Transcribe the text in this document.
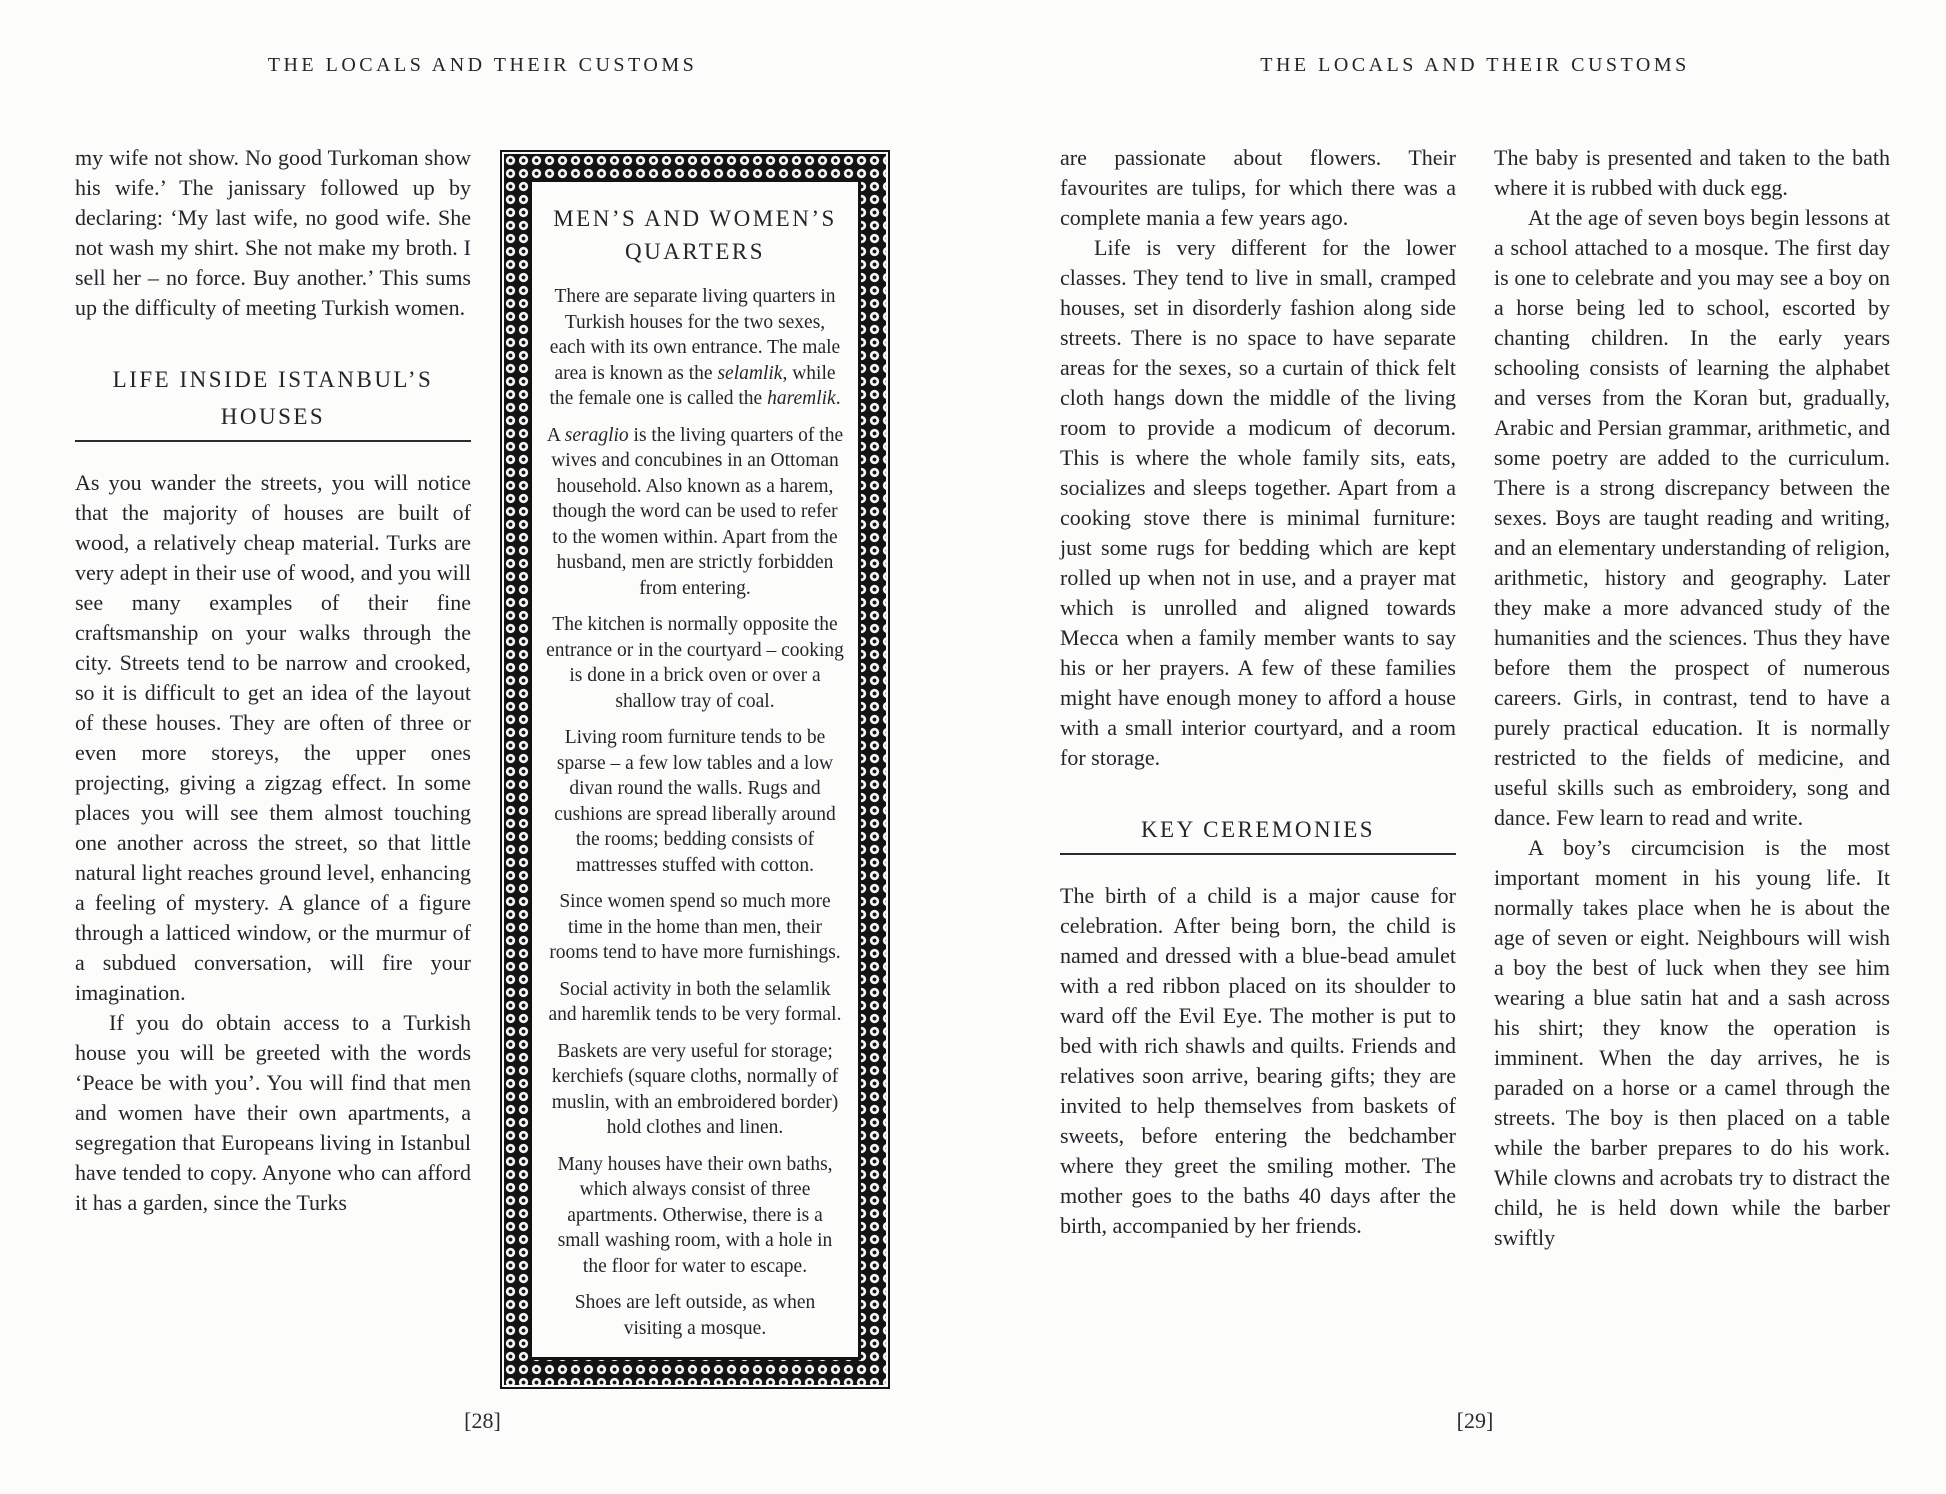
THE LOCALS AND THEIR CUSTOMS

my wife not show. No good Turkoman show his wife.’ The janissary followed up by declaring: ‘My last wife, no good wife. She not wash my shirt. She not make my broth. I sell her – no force. Buy another.’ This sums up the difficulty of meeting Turkish women.

LIFE INSIDE ISTANBUL’S HOUSES

As you wander the streets, you will notice that the majority of houses are built of wood, a relatively cheap material. Turks are very adept in their use of wood, and you will see many examples of their fine craftsmanship on your walks through the city. Streets tend to be narrow and crooked, so it is difficult to get an idea of the layout of these houses. They are often of three or even more storeys, the upper ones projecting, giving a zigzag effect. In some places you will see them almost touching one another across the street, so that little natural light reaches ground level, enhancing a feeling of mystery. A glance of a figure through a latticed window, or the murmur of a subdued conversation, will fire your imagination.

If you do obtain access to a Turkish house you will be greeted with the words ‘Peace be with you’. You will find that men and women have their own apartments, a segregation that Europeans living in Istanbul have tended to copy. Anyone who can afford it has a garden, since the Turks

MEN’S AND WOMEN’S QUARTERS

There are separate living quarters in Turkish houses for the two sexes, each with its own entrance. The male area is known as the selamlik, while the female one is called the haremlik.

A seraglio is the living quarters of the wives and concubines in an Ottoman household. Also known as a harem, though the word can be used to refer to the women within. Apart from the husband, men are strictly forbidden from entering.

The kitchen is normally opposite the entrance or in the courtyard – cooking is done in a brick oven or over a shallow tray of coal.

Living room furniture tends to be sparse – a few low tables and a low divan round the walls. Rugs and cushions are spread liberally around the rooms; bedding consists of mattresses stuffed with cotton.

Since women spend so much more time in the home than men, their rooms tend to have more furnishings.

Social activity in both the selamlik and haremlik tends to be very formal.

Baskets are very useful for storage; kerchiefs (square cloths, normally of muslin, with an embroidered border) hold clothes and linen.

Many houses have their own baths, which always consist of three apartments. Otherwise, there is a small washing room, with a hole in the floor for water to escape.

Shoes are left outside, as when visiting a mosque.

[28]
THE LOCALS AND THEIR CUSTOMS

are passionate about flowers. Their favourites are tulips, for which there was a complete mania a few years ago.

Life is very different for the lower classes. They tend to live in small, cramped houses, set in disorderly fashion along side streets. There is no space to have separate areas for the sexes, so a curtain of thick felt cloth hangs down the middle of the living room to provide a modicum of decorum. This is where the whole family sits, eats, socializes and sleeps together. Apart from a cooking stove there is minimal furniture: just some rugs for bedding which are kept rolled up when not in use, and a prayer mat which is unrolled and aligned towards Mecca when a family member wants to say his or her prayers. A few of these families might have enough money to afford a house with a small interior courtyard, and a room for storage.

KEY CEREMONIES

The birth of a child is a major cause for celebration. After being born, the child is named and dressed with a blue-bead amulet with a red ribbon placed on its shoulder to ward off the Evil Eye. The mother is put to bed with rich shawls and quilts. Friends and relatives soon arrive, bearing gifts; they are invited to help themselves from baskets of sweets, before entering the bedchamber where they greet the smiling mother. The mother goes to the baths 40 days after the birth, accompanied by her friends.

The baby is presented and taken to the bath where it is rubbed with duck egg.

At the age of seven boys begin lessons at a school attached to a mosque. The first day is one to celebrate and you may see a boy on a horse being led to school, escorted by chanting children. In the early years schooling consists of learning the alphabet and verses from the Koran but, gradually, Arabic and Persian grammar, arithmetic, and some poetry are added to the curriculum. There is a strong discrepancy between the sexes. Boys are taught reading and writing, and an elementary understanding of religion, arithmetic, history and geography. Later they make a more advanced study of the humanities and the sciences. Thus they have before them the prospect of numerous careers. Girls, in contrast, tend to have a purely practical education. It is normally restricted to the fields of medicine, and useful skills such as embroidery, song and dance. Few learn to read and write.

A boy’s circumcision is the most important moment in his young life. It normally takes place when he is about the age of seven or eight. Neighbours will wish a boy the best of luck when they see him wearing a blue satin hat and a sash across his shirt; they know the operation is imminent. When the day arrives, he is paraded on a horse or a camel through the streets. The boy is then placed on a table while the barber prepares to do his work. While clowns and acrobats try to distract the child, he is held down while the barber swiftly

[29]
